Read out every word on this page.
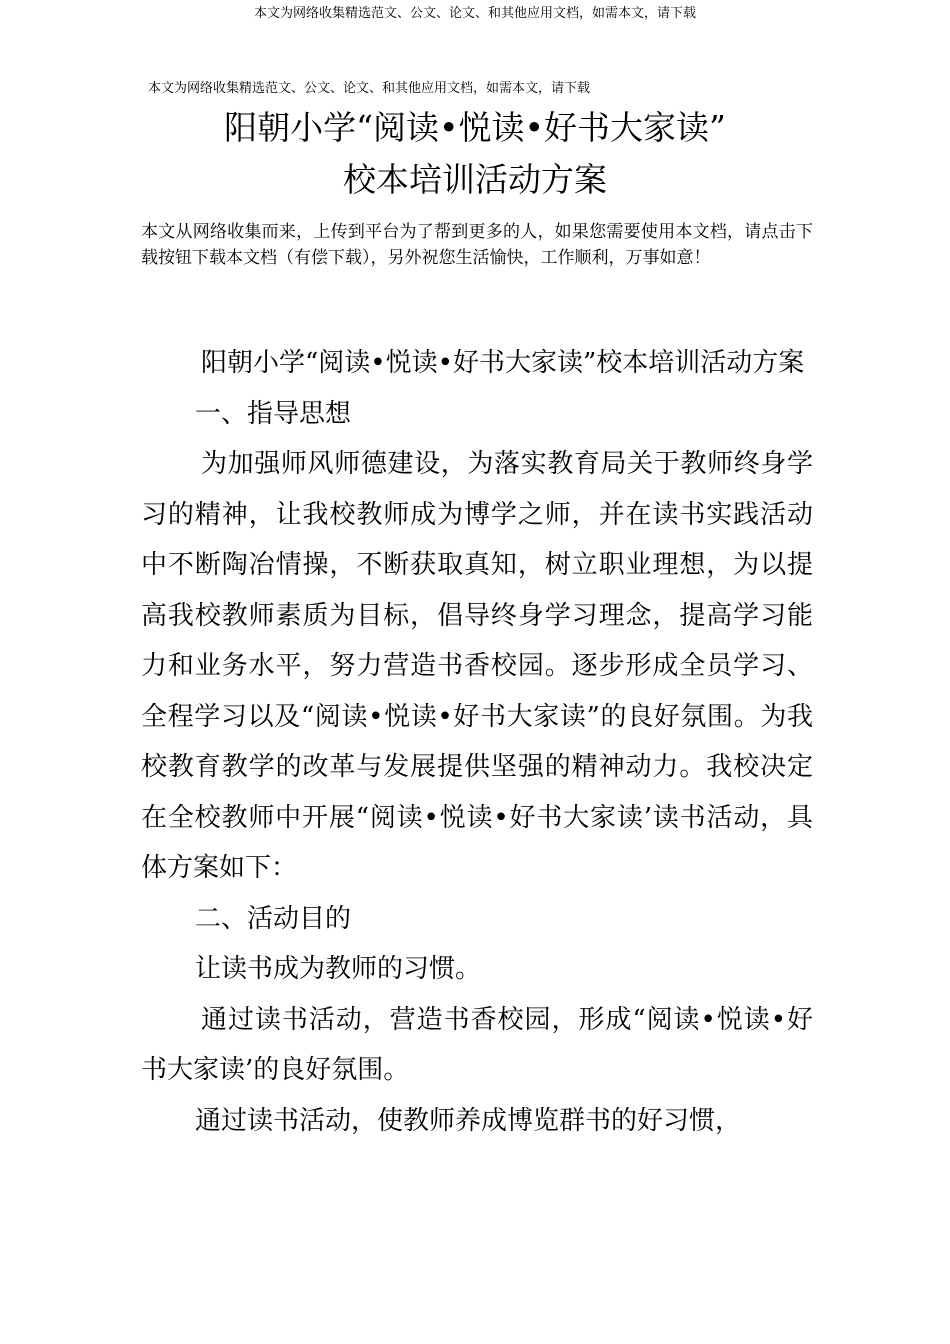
本文为网络收集精选范文、公文、论文、和其他应用文档，如需本文，请下载
本文为网络收集精选范文、公文、论文、和其他应用文档，如需本文，请下载
阳朝小学“阅读•悦读•好书大家读”
校本培训活动方案
本文从网络收集而来，上传到平台为了帮到更多的人，如果您需要使用本文档，请点击下载按钮下载本文档（有偿下载），另外祝您生活愉快，工作顺利，万事如意！

阳朝小学“阅读•悦读•好书大家读”校本培训活动方案

一、指导思想

为加强师风师德建设，为落实教育局关于教师终身学习的精神，让我校教师成为博学之师，并在读书实践活动中不断陶冶情操，不断获取真知，树立职业理想，为以提高我校教师素质为目标，倡导终身学习理念，提高学习能力和业务水平，努力营造书香校园。逐步形成全员学习、全程学习以及“阅读•悦读•好书大家读”的良好氛围。为我校教育教学的改革与发展提供坚强的精神动力。我校决定在全校教师中开展“阅读•悦读•好书大家读’读书活动，具体方案如下：

二、活动目的

让读书成为教师的习惯。

通过读书活动，营造书香校园，形成“阅读•悦读•好书大家读’的良好氛围。

通过读书活动，使教师养成博览群书的好习惯，
